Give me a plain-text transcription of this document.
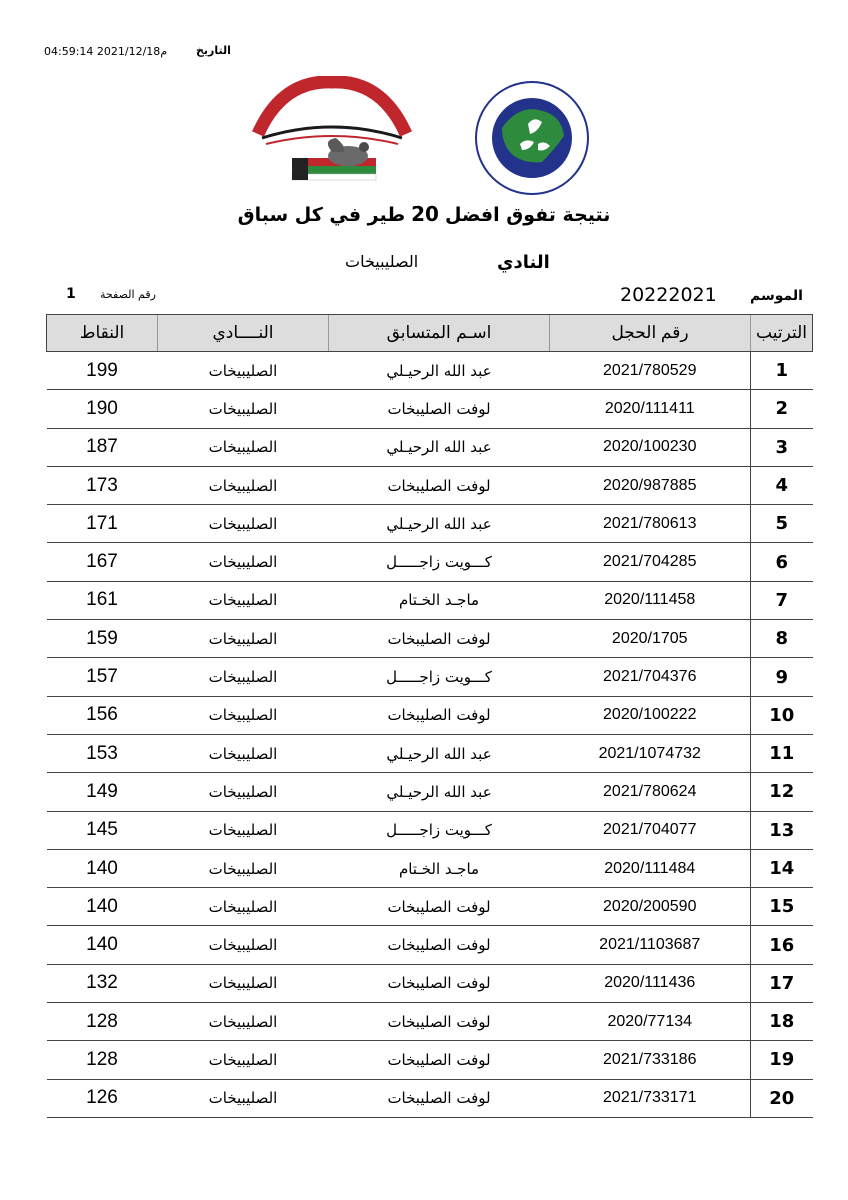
التاريخ
م2021/12/18 04:59:14
نتيجة تفوق افضل20طير في كل سباق
النادي
الصليبيخات
الموسم
20222021
رقم الصفحة
1
الترتيب	رقم الحجل	اسـم المتسابق	النــــادي	النقاط
1	2021/780529	عبد الله الرحيـلي	الصليبيخات	199
2	2020/111411	لوفت الصليبخات	الصليبيخات	190
3	2020/100230	عبد الله الرحيـلي	الصليبيخات	187
4	2020/987885	لوفت الصليبخات	الصليبيخات	173
5	2021/780613	عبد الله الرحيـلي	الصليبيخات	171
6	2021/704285	كـــويت زاجـــــل	الصليبيخات	167
7	2020/111458	ماجـد الخـتام	الصليبيخات	161
8	2020/1705	لوفت الصليبخات	الصليبيخات	159
9	2021/704376	كـــويت زاجـــــل	الصليبيخات	157
10	2020/100222	لوفت الصليبخات	الصليبيخات	156
11	2021/1074732	عبد الله الرحيـلي	الصليبيخات	153
12	2021/780624	عبد الله الرحيـلي	الصليبيخات	149
13	2021/704077	كـــويت زاجـــــل	الصليبيخات	145
14	2020/111484	ماجـد الخـتام	الصليبيخات	140
15	2020/200590	لوفت الصليبخات	الصليبيخات	140
16	2021/1103687	لوفت الصليبخات	الصليبيخات	140
17	2020/111436	لوفت الصليبخات	الصليبيخات	132
18	2020/77134	لوفت الصليبخات	الصليبيخات	128
19	2021/733186	لوفت الصليبخات	الصليبيخات	128
20	2021/733171	لوفت الصليبخات	الصليبيخات	126
